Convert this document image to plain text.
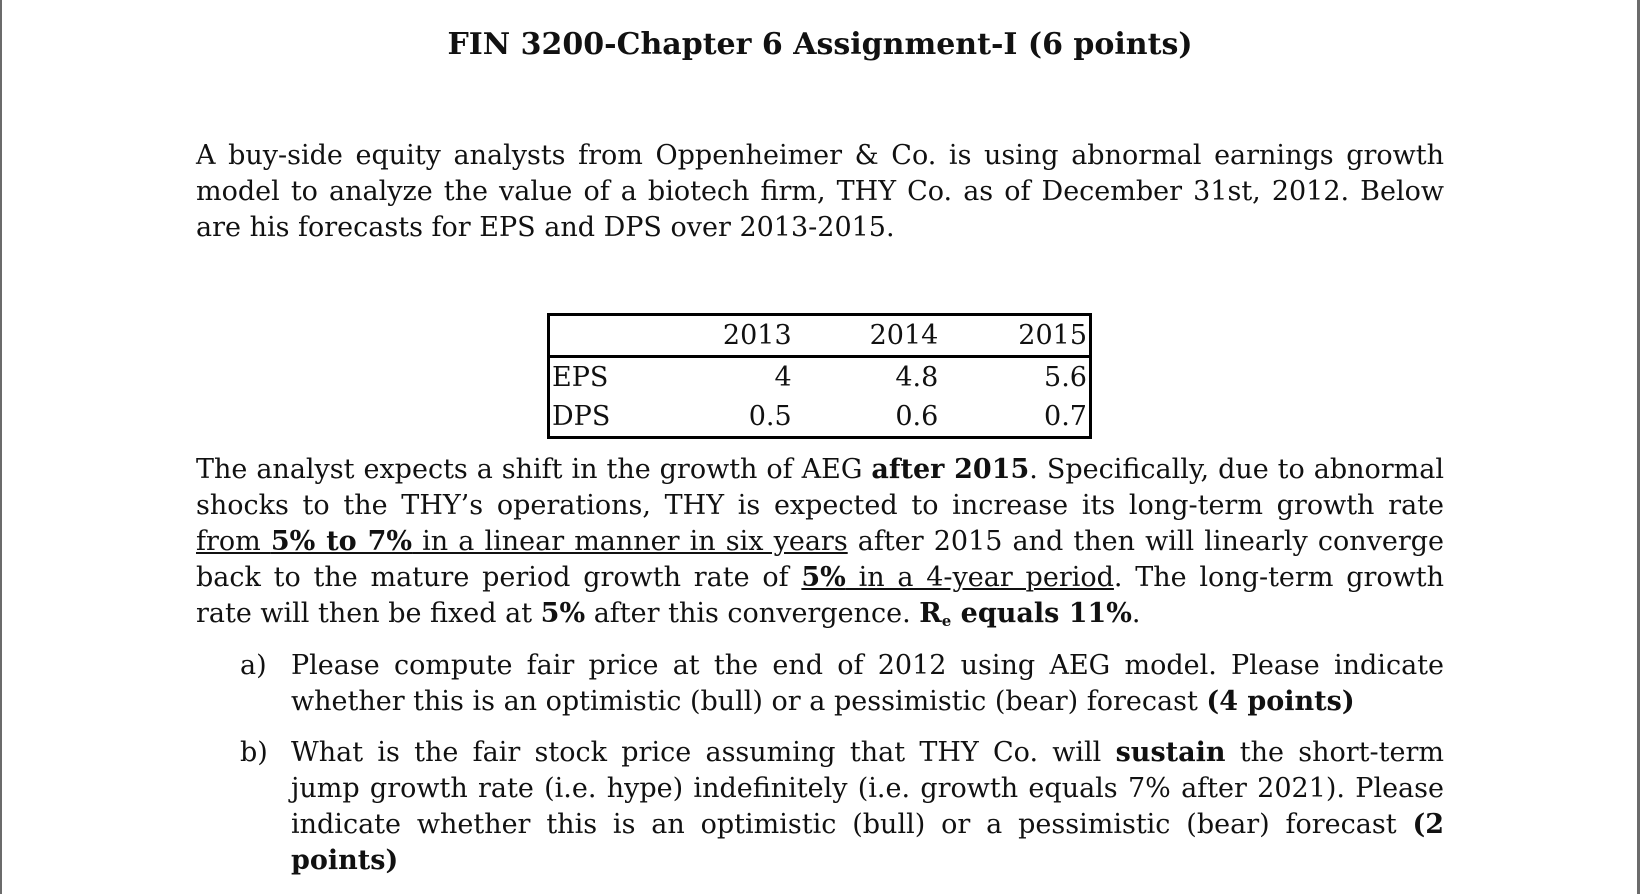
FIN 3200-Chapter 6 Assignment-I (6 points)

A buy-side equity analysts from Oppenheimer & Co. is using abnormal earnings growth model to analyze the value of a biotech firm, THY Co. as of December 31st, 2012. Below are his forecasts for EPS and DPS over 2013-2015.

	2013	2014	2015
EPS	4	4.8	5.6
DPS	0.5	0.6	0.7

The analyst expects a shift in the growth of AEG after 2015. Specifically, due to abnormal shocks to the THY’s operations, THY is expected to increase its long-term growth rate from 5% to 7% in a linear manner in six years after 2015 and then will linearly converge back to the mature period growth rate of 5% in a 4-year period. The long-term growth rate will then be fixed at 5% after this convergence. $R_e$ equals 11%.

a) Please compute fair price at the end of 2012 using AEG model. Please indicate whether this is an optimistic (bull) or a pessimistic (bear) forecast (4 points)
b) What is the fair stock price assuming that THY Co. will sustain the short-term jump growth rate (i.e. hype) indefinitely (i.e. growth equals 7% after 2021). Please indicate whether this is an optimistic (bull) or a pessimistic (bear) forecast (2 points)
